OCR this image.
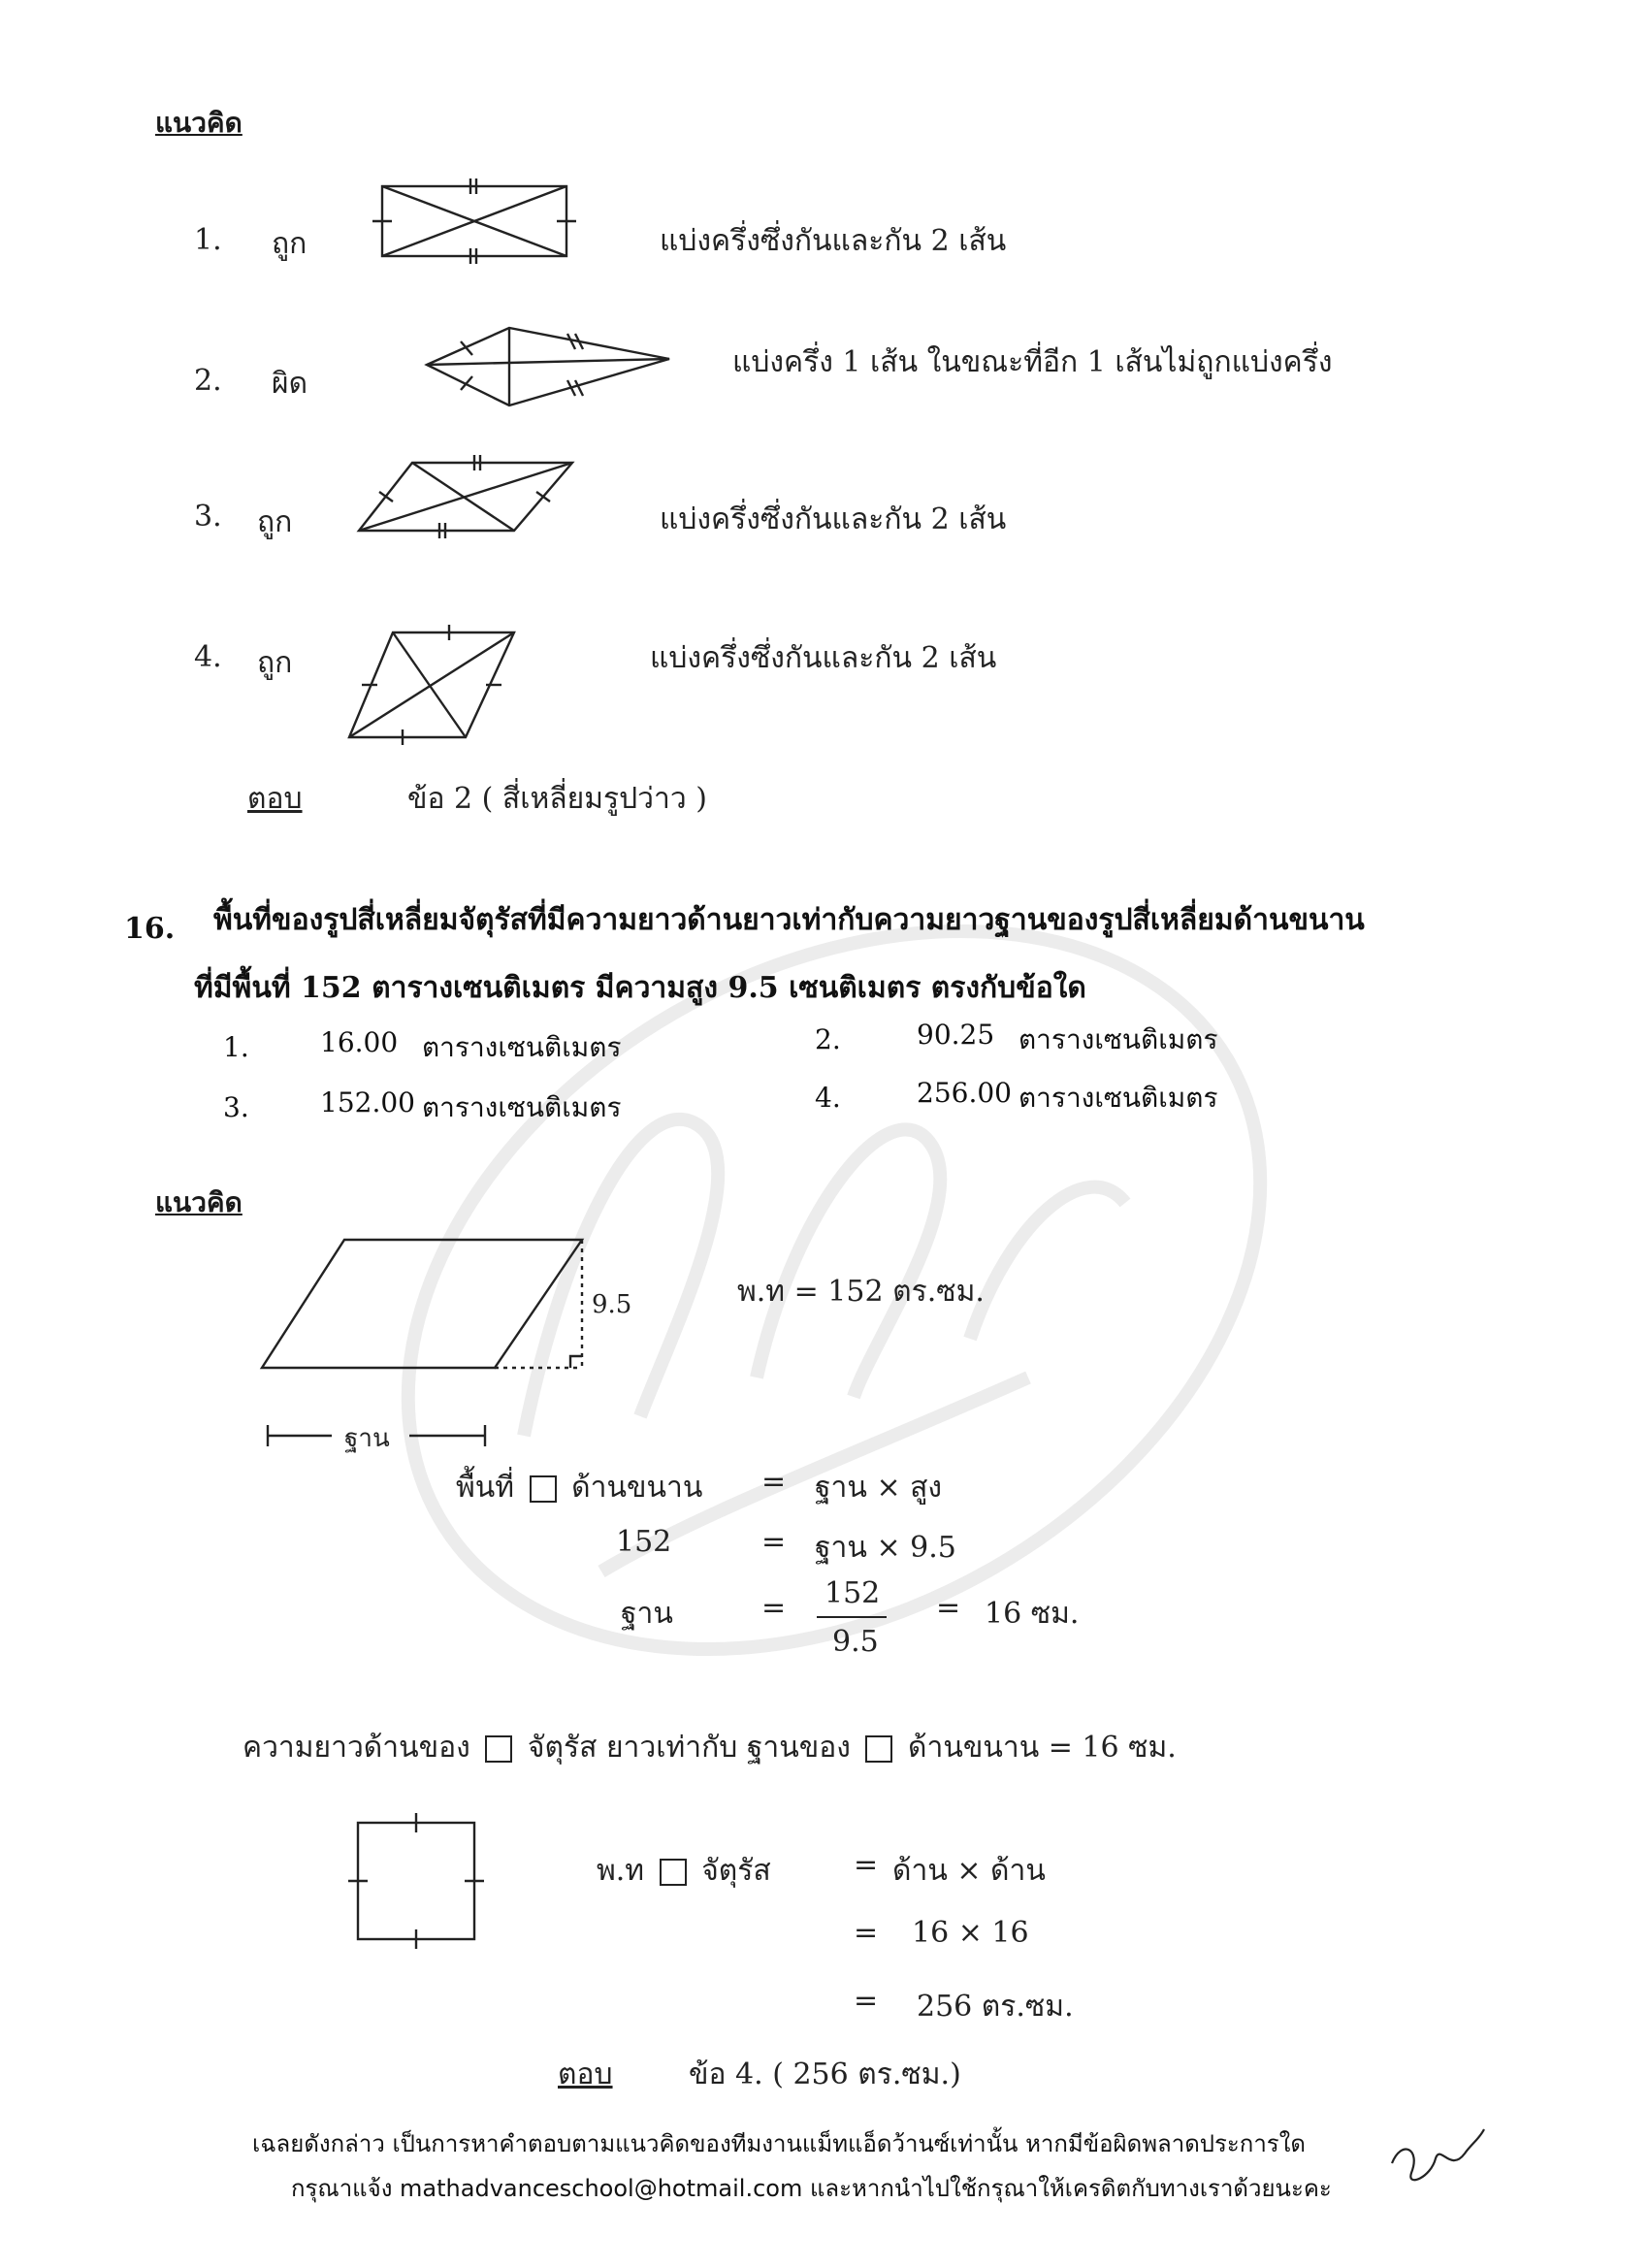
แนวคิด
1. ถูก	แบ่งครึ่งซึ่งกันและกัน 2 เส้น
2. ผิด
แบ่งครึ่ง 1 เส้น ในขณะที่อีก 1 เส้นไม่ถูกแบ่งครึ่ง
3. ถูก	แบ่งครึ่งซึ่งกันและกัน 2 เส้น
4. ถูก	แบ่งครึ่งซึ่งกันและกัน 2 เส้น
ตอบ	ข้อ 2 ( สี่เหลี่ยมรูปว่าว )
16. พื้นที่ของรูปสี่เหลี่ยมจัตุรัสที่มีความยาวด้านยาวเท่ากับความยาวฐานของรูปสี่เหลี่ยมด้านขนาน
ที่มีพื้นที่ 152 ตารางเซนติเมตร มีความสูง 9.5 เซนติเมตร ตรงกับข้อใด
1.	16.00 ตารางเซนติเมตร	2.	90.25 ตารางเซนติเมตร
3.	152.00 ตารางเซนติเมตร	4.	256.00 ตารางเซนติเมตร
แนวคิด
9.5	พ.ท = 152 ตร.ซม.
ฐาน
พื้นที่ ด้านขนาน = ฐาน × สูง
152	= ฐาน × 9.5
ฐาน	= 152
9.5
= 16 ซม.
ความยาวด้านของ จัตุรัส ยาวเท่ากับ ฐานของ ด้านขนาน = 16 ซม.
พ.ท จัตุรัส	= ด้าน × ด้าน
= 16 × 16
= 256 ตร.ซม.
ตอบ	ข้อ 4. ( 256 ตร.ซม.)
เฉลยดังกล่าว เป็นการหาคำตอบตามแนวคิดของทีมงานแม็ทแอ็ดว้านซ์เท่านั้น หากมีข้อผิดพลาดประการใด
กรุณาแจ้ง mathadvanceschool@hotmail.com และหากนำไปใช้กรุณาให้เครดิตกับทางเราด้วยนะคะ
